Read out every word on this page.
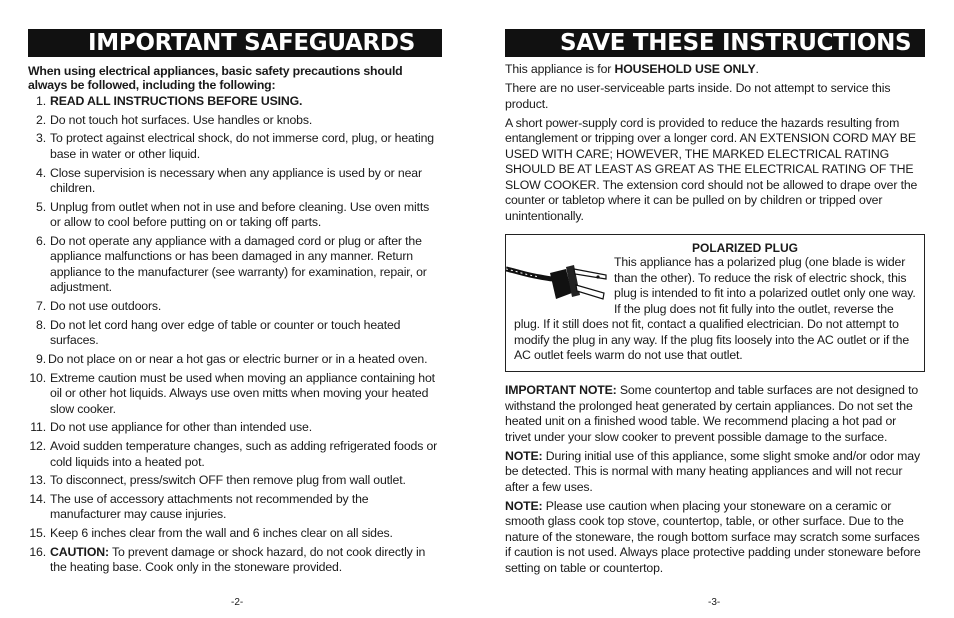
IMPORTANT SAFEGUARDS
When using electrical appliances, basic safety precautions should always be followed, including the following:
1. READ ALL INSTRUCTIONS BEFORE USING.
2. Do not touch hot surfaces. Use handles or knobs.
3. To protect against electrical shock, do not immerse cord, plug, or heating base in water or other liquid.
4. Close supervision is necessary when any appliance is used by or near children.
5. Unplug from outlet when not in use and before cleaning. Use oven mitts or allow to cool before putting on or taking off parts.
6. Do not operate any appliance with a damaged cord or plug or after the appliance malfunctions or has been damaged in any manner. Return appliance to the manufacturer (see warranty) for examination, repair, or adjustment.
7. Do not use outdoors.
8. Do not let cord hang over edge of table or counter or touch heated surfaces.
9. Do not place on or near a hot gas or electric burner or in a heated oven.
10. Extreme caution must be used when moving an appliance containing hot oil or other hot liquids. Always use oven mitts when moving your heated slow cooker.
11. Do not use appliance for other than intended use.
12. Avoid sudden temperature changes, such as adding refrigerated foods or cold liquids into a heated pot.
13. To disconnect, press/switch OFF then remove plug from wall outlet.
14. The use of accessory attachments not recommended by the manufacturer may cause injuries.
15. Keep 6 inches clear from the wall and 6 inches clear on all sides.
16. CAUTION: To prevent damage or shock hazard, do not cook directly in the heating base. Cook only in the stoneware provided.
-2-
SAVE THESE INSTRUCTIONS

This appliance is for HOUSEHOLD USE ONLY.

There are no user-serviceable parts inside. Do not attempt to service this product.

A short power-supply cord is provided to reduce the hazards resulting from entanglement or tripping over a longer cord. AN EXTENSION CORD MAY BE USED WITH CARE; HOWEVER, THE MARKED ELECTRICAL RATING SHOULD BE AT LEAST AS GREAT AS THE ELECTRICAL RATING OF THE SLOW COOKER. The extension cord should not be allowed to drape over the counter or tabletop where it can be pulled on by children or tripped over unintentionally.

POLARIZED PLUG
This appliance has a polarized plug (one blade is wider than the other). To reduce the risk of electric shock, this plug is intended to fit into a polarized outlet only one way. If the plug does not fit fully into the outlet, reverse the plug. If it still does not fit, contact a qualified electrician. Do not attempt to modify the plug in any way. If the plug fits loosely into the AC outlet or if the AC outlet feels warm do not use that outlet.

IMPORTANT NOTE: Some countertop and table surfaces are not designed to withstand the prolonged heat generated by certain appliances. Do not set the heated unit on a finished wood table. We recommend placing a hot pad or trivet under your slow cooker to prevent possible damage to the surface.

NOTE: During initial use of this appliance, some slight smoke and/or odor may be detected. This is normal with many heating appliances and will not recur after a few uses.

NOTE: Please use caution when placing your stoneware on a ceramic or smooth glass cook top stove, countertop, table, or other surface. Due to the nature of the stoneware, the rough bottom surface may scratch some surfaces if caution is not used. Always place protective padding under stoneware before setting on table or countertop.

-3-
